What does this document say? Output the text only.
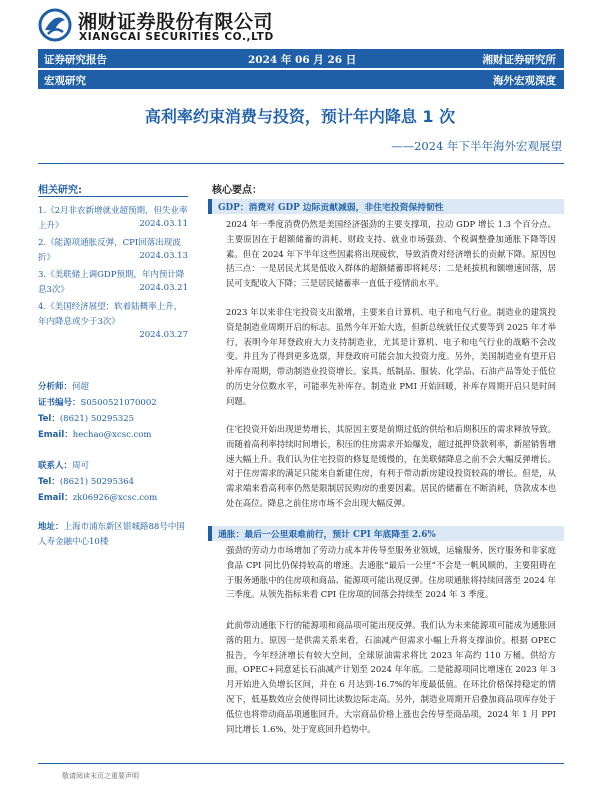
湘财证券股份有限公司
XIANGCAI SECURITIES CO.,LTD
证券研究报告	2024 年 06 月 26 日	湘财证券研究所
宏观研究	海外宏观深度
高利率约束消费与投资，预计年内降息 1 次
——2024 年下半年海外宏观展望
相关研究:
1.《2月非农新增就业超预期，但失业率上升》	2024.03.11
2.《能源项通胀反弹，CPI回落出现波折》	2024.03.13
3.《美联储上调GDP预期，年内预计降息3次》	2024.03.21
4.《美国经济展望：软着陆概率上升，年内降息或少于3次》
2024.03.27
分析师：何超
证书编号：S0500521070002
Tel：(8621) 50295325
Email：hechao@xcsc.com
联系人：周可
Tel：(8621) 50295364
Email：zk06926@xcsc.com
地址：上海市浦东新区银城路88号中国人寿金融中心10楼
核心要点：
GDP：消费对 GDP 边际贡献减弱，非住宅投资保持韧性

2024 年一季度消费仍然是美国经济强劲的主要支撑项，拉动 GDP 增长 1.3 个百分点。主要原因在于超额储蓄的消耗、财政支持、就业市场强劲、个税调整叠加通胀下降等因素。但在 2024 年下半年这些因素将出现疲软，导致消费对经济增长的贡献下降。原因包括三点：一是居民尤其是低收入群体的超额储蓄即将耗尽；二是耗拔机和额增速回落，居民可支配收入下降；三是居民储蓄率一直低于疫情前水平。

2023 年以来非住宅投资支出激增，主要来自计算机、电子和电气行业。制造业的建筑投资是制造业周期开启的标志。虽然今年开始大选，但新总统就任仪式要等到 2025 年才举行，表明今年拜登政府大力支持制造业，尤其是计算机、电子和电气行业的战略不会改变。并且为了得到更多选票，拜登政府可能会加大投资力度。另外，美国制造业有望开启补库存周期，带动制造业投资增长。家具、纸制品、服装、化学品、石油产品等处于低位的历史分位数水平，可能率先补库存。制造业 PMI 开始回暖，补库存周期开启只是时间问题。

住宅投资开始出现逆势增长，其原因主要是前期过低的供给和后期积压的需求释放导致。而随着高利率持续时间增长，积压的住房需求开始爆发，超过抵押贷款利率，新屋销售增速大幅上升。我们认为住宅投资的修复是缓慢的，在美联储降息之前不会大幅反弹增长。对于住房需求的满足只能来自新建住房，有利于带动新房建设投资较高的增长。但是，从需求端来看高利率仍然是限制居民购房的重要因素。居民的储蓄在不断消耗，贷款成本也处在高位。降息之前住房市场不会出现大幅反弹。

通胀：最后一公里艰难前行，预计 CPI 年底降至 2.6%

强劲的劳动力市场增加了劳动力成本并传导至服务业领域，运输服务、医疗服务和非家庭食品 CPI 同比仍保持较高的增速。去通胀“最后一公里”不会是一帆风顺的，主要阻碍在于服务通胀中的住房项和商品、能源项可能出现反弹。住房项通胀将持续回落至 2024 年三季度。从领先指标来看 CPI 住房项的回落会持续至 2024 年 3 季度。

此前带动通胀下行的能源项和商品项可能出现反弹。我们认为未来能源项可能成为通胀回落的阻力。原因一是供需关系来看，石油减产但需求小幅上升将支撑油价。根据 OPEC 报告，今年经济增长有较大空间，全球原油需求将比 2023 年高约 110 万桶。供给方面，OPEC+同意延长石油减产计划至 2024 年年底。二是能源项同比增速在 2023 年 3 月开始进入负增长区间，并在 6 月达到-16.7%的年度最低值。在环比价格保持稳定的情况下，低基数效应会使得同比读数边际走高。另外，制造业周期开启叠加商品项库存处于低位也将带动商品项通胀回升。大宗商品价格上涨也会传导至商品项，2024 年 1 月 PPI 同比增长 1.6%，处于宽底回升趋势中。

敬请阅读末页之重要声明
